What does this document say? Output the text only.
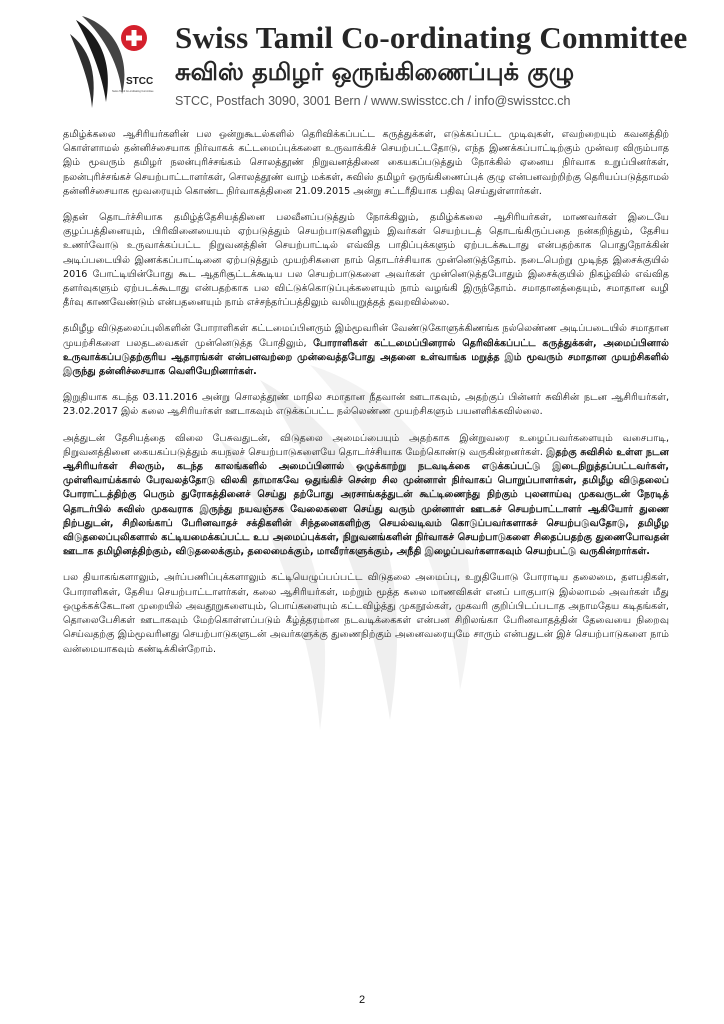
STCC
Swiss Tamil Co-ordinating Committee
Swiss Tamil Co-ordinating Committee
சுவிஸ் தமிழர் ஒருங்கிணைப்புக் குழு
STCC, Postfach 3090, 3001 Bern / www.swisstcc.ch / info@swisstcc.ch

தமிழ்க்கலை ஆசிரியர்களின் பல ஒன்றுகூடல்களில் தெரிவிக்கப்பட்ட கருத்துக்கள், எடுக்கப்பட்ட முடிவுகள், எவற்றையும் கவனத்திற் கொள்ளாமல் தன்னிச்சையாக நிர்வாகக் கட்டமைப்புக்களை உருவாக்கிச் செயற்பட்டதோடு, எந்த இணக்கப்பாட்டிற்கும் முன்வர விரும்பாத இம் மூவரும் தமிழர் நலன்புரிச்சங்கம் சொலத்தூண் நிறுவனத்தினை கையகப்படுத்தும் நோக்கில் ஏனைய நிர்வாக உறுப்பினர்கள், நலன்புரிச்சங்கச் செயற்பாட்டாளர்கள், சொலத்தூண் வாழ் மக்கள், சுவிஸ் தமிழர் ஒருங்கிணைப்புக் குழு என்பனவற்றிற்கு தெரியப்படுத்தாமல் தன்னிச்சையாக மூவரையும் கொண்ட நிர்வாகத்தினை 21.09.2015 அன்று சட்டரீதியாக பதிவு செய்துள்ளார்கள்.

இதன் தொடர்ச்சியாக தமிழ்த்தேசியத்தினை பலவீனப்படுத்தும் நோக்கிலும், தமிழ்க்கலை ஆசிரியர்கள், மாணவர்கள் இடையே குழப்பத்தினையும், பிரிவினையையும் ஏற்படுத்தும் செயற்பாடுகளிலும் இவர்கள் செயற்படத் தொடங்கிருப்பதை நன்கறிந்தும், தேசிய உணர்வோடு உருவாக்கப்பட்ட நிறுவனத்தின் செயற்பாட்டில் எவ்வித பாதிப்புக்களும் ஏற்படக்கூடாது என்பதற்காக பொதுநோக்கின் அடிப்படையில் இணக்கப்பாட்டினை ஏற்படுத்தும் முயற்சிகளை நாம் தொடர்ச்சியாக முன்னெடுத்தோம். நடைபெற்று முடிந்த இசைக்குயில் 2016 போட்டியின்போது கூட ஆதரிசூட்டக்கூடிய பல செயற்பாடுகளை அவர்கள் முன்னெடுத்தபோதும் இசைக்குயில் நிகழ்வில் எவ்வித தளர்வுகளும் ஏற்படக்கூடாது என்பதற்காக பல விட்டுக்கொடுப்புக்களையும் நாம் வழங்கி இருந்தோம். சமாதானத்தையும், சமாதான வழி தீர்வு காணவேண்டும் என்பதனையும் நாம் எச்சந்தர்ப்பத்திலும் வலியுறுத்தத் தவறவில்லை.

தமிழீழ விடுதலைப்புலிகளின் போராளிகள் கட்டமைப்பினரும் இம்மூவரின் வேண்டுகோளுக்கிணங்க நல்லெண்ண அடிப்படையில் சமாதான முயற்சிகளை பலதடவைகள் முன்னெடுத்த போதிலும், போராளிகள் கட்டமைப்பினரால் தெரிவிக்கப்பட்ட கருத்துக்கள், அமைப்பினால் உருவாக்கப்படுதற்குரிய ஆதாரங்கள் என்பனவற்றை முன்வைத்தபோது அதனை உள்வாங்க மறுத்த இம் மூவரும் சமாதான முயற்சிகளில் இருந்து தன்னிச்சையாக வெளியேறினார்கள்.

இறுதியாக கடந்த 03.11.2016 அன்று சொலத்தூண் மாநில சமாதான நீதவான் ஊடாகவும், அதற்குப் பின்னர் சுவிசின் நடன ஆசிரியர்கள், 23.02.2017 இல் கலை ஆசிரியர்கள் ஊடாகவும் எடுக்கப்பட்ட நல்லெண்ண முயற்சிகளும் பயனளிக்கவில்லை.

அத்துடன் தேசியத்தை விலை பேசுவதுடன், விடுதலை அமைப்பையும் அதற்காக இன்றுவரை உழைப்பவர்களையும் வசைபாடி, நிறுவனத்தினை கையகப்படுத்தும் சுயநலச் செயற்பாடுகளையே தொடர்ச்சியாக மேற்கொண்டு வருகின்றனர்கள். இதற்கு சுவிசில் உள்ள நடன ஆசிரியர்கள் சிலரும், கடந்த காலங்களில் அமைப்பினால் ஒழுக்காற்று நடவடிக்கை எடுக்கப்பட்டு இடைநிறுத்தப்பட்டவர்கள், முள்ளிவாய்க்கால் பேரவலத்தோடு விலகி தாமாகவே ஒதுங்கிச் சென்ற சில முன்னாள் நிர்வாகப் பொறுப்பாளர்கள், தமிழீழ விடுதலைப் போராட்டத்திற்கு பெரும் துரோகத்தினைச் செய்து தற்போது அரசாங்கத்துடன் கூட்டிணைந்து நிற்கும் புலனாய்வு முகவருடன் நேரடித் தொடர்பில் சுவிஸ் முகவராக இருந்து நயவஞ்சக வேலைகளை செய்து வரும் முன்னாள் ஊடகச் செயற்பாட்டாளர் ஆகியோர் துணை நிற்பதுடன், சிறிலங்காப் பேரினவாதச் சக்திகளின் சிந்தனைகளிற்கு செயல்வடிவம் கொடுப்பவர்களாகச் செயற்படுவதோடு, தமிழீழ விடுதலைப்புலிகளால் கட்டியமைக்கப்பட்ட உப அமைப்புக்கள், நிறுவனங்களின் நிர்வாகச் செயற்பாடுகளை சிதைப்பதற்கு துணைபோவதன் ஊடாக தமிழினத்திற்கும், விடுதலைக்கும், தலைமைக்கும், மாவீரர்களுக்கும், அநீதி இழைப்பவர்களாகவும் செயற்பட்டு வருகின்றார்கள்.

பல தியாகங்களாலும், அர்ப்பணிப்புக்களாலும் கட்டியெழுப்பப்பட்ட விடுதலை அமைப்பு, உறுதியோடு போராடிய தலைமை, தளபதிகள், போராளிகள், தேசிய செயற்பாட்டாளர்கள், கலை ஆசிரியர்கள், மற்றும் மூத்த கலை மாணவிகள் எனப் பாகுபாடு இல்லாமல் அவர்கள் மீது ஒழுக்கக்கேடான முறையில் அவதூறுகளையும், பொய்களையும் கட்டவிழ்த்து முகநூல்கள், முகவரி குறிப்பிடப்படாத அநாமதேய கடிதங்கள், தொலைபேசிகள் ஊடாகவும் மேற்கொள்ளப்படும் கீழ்த்தரமான நடவடிக்கைகள் என்பன சிறிலங்கா பேரினவாதத்தின் தேவையை நிறைவு செய்வதற்கு இம்மூவரினது செயற்பாடுகளுடன் அவர்களுக்கு துணைநிற்கும் அனைவரையுமே சாரும் என்பதுடன் இச் செயற்பாடுகளை நாம் வன்மையாகவும் கண்டிக்கின்றோம்.

2
